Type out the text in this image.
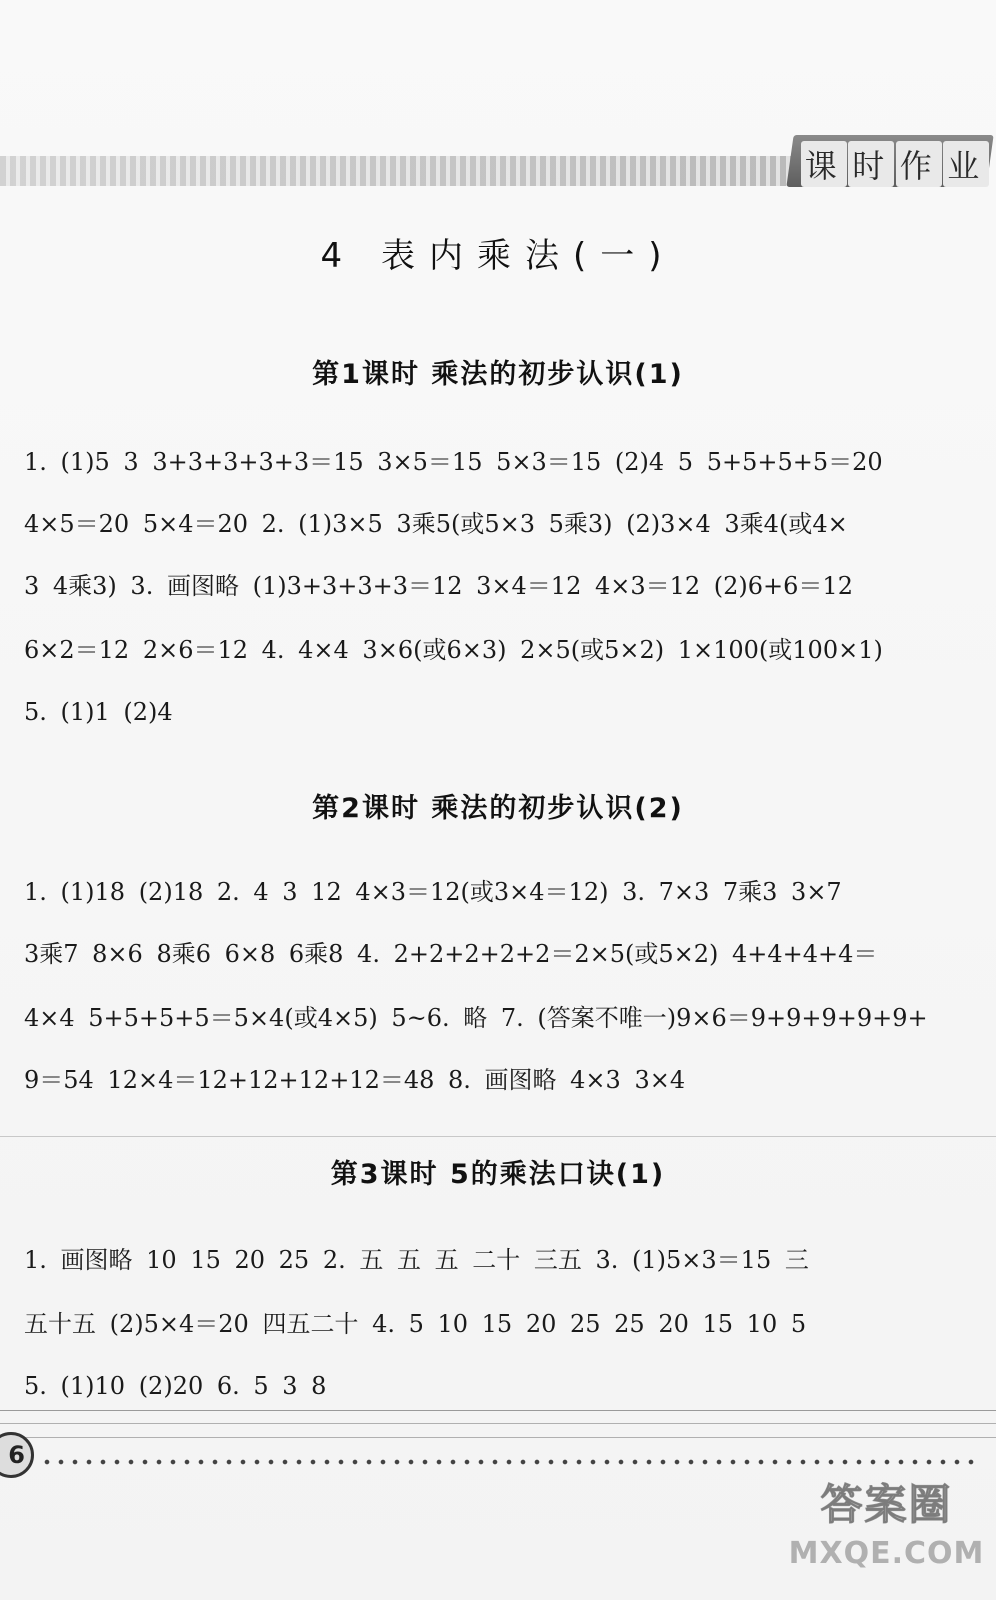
课 时 作 业
4 表内乘法(一)
第1课时 乘法的初步认识(1)
1. (1)5 3 3+3+3+3+3＝15 3×5＝15 5×3＝15 (2)4 5 5+5+5+5＝20
4×5＝20 5×4＝20 2. (1)3×5 3乘5(或5×3 5乘3) (2)3×4 3乘4(或4×
3 4乘3) 3. 画图略 (1)3+3+3+3＝12 3×4＝12 4×3＝12 (2)6+6＝12
6×2＝12 2×6＝12 4. 4×4 3×6(或6×3) 2×5(或5×2) 1×100(或100×1)
5. (1)1 (2)4
第2课时 乘法的初步认识(2)
1. (1)18 (2)18 2. 4 3 12 4×3＝12(或3×4＝12) 3. 7×3 7乘3 3×7
3乘7 8×6 8乘6 6×8 6乘8 4. 2+2+2+2+2＝2×5(或5×2) 4+4+4+4＝
4×4 5+5+5+5＝5×4(或4×5) 5~6. 略 7. (答案不唯一)9×6＝9+9+9+9+9+
9＝54 12×4＝12+12+12+12＝48 8. 画图略 4×3 3×4
第3课时 5的乘法口诀(1)
1. 画图略 10 15 20 25 2. 五 五 五 二十 三五 3. (1)5×3＝15 三
五十五 (2)5×4＝20 四五二十 4. 5 10 15 20 25 25 20 15 10 5
5. (1)10 (2)20 6. 5 3 8
6
答案圈
MXQE.COM
